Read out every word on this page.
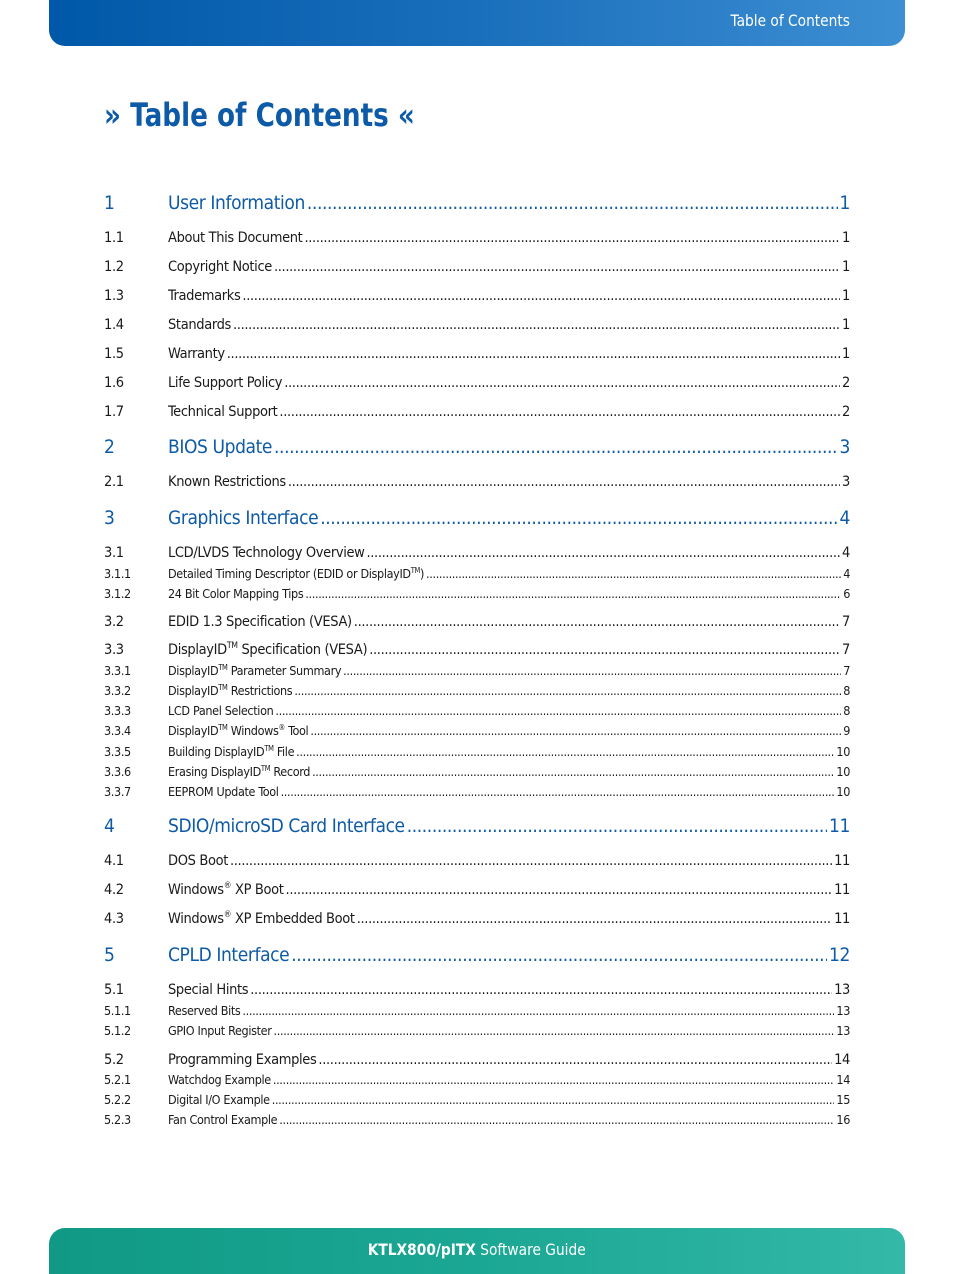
Table of Contents
» Table of Contents «
1	User Information .....	1
1.1	About This Document .....	1
1.2	Copyright Notice .....	1
1.3	Trademarks .....	1
1.4	Standards .....	1
1.5	Warranty .....	1
1.6	Life Support Policy .....	2
1.7	Technical Support .....	2
2	BIOS Update .....	3
2.1	Known Restrictions .....	3
3	Graphics Interface .....	4
3.1	LCD/LVDS Technology Overview .....	4
3.1.1	Detailed Timing Descriptor (EDID or DisplayID™) .....	4
3.1.2	24 Bit Color Mapping Tips .....	6
3.2	EDID 1.3 Specification (VESA) .....	7
3.3	DisplayID™ Specification (VESA) .....	7
3.3.1	DisplayID™ Parameter Summary .....	7
3.3.2	DisplayID™ Restrictions .....	8
3.3.3	LCD Panel Selection .....	8
3.3.4	DisplayID™ Windows® Tool .....	9
3.3.5	Building DisplayID™ File .....	10
3.3.6	Erasing DisplayID™ Record .....	10
3.3.7	EEPROM Update Tool .....	10
4	SDIO/microSD Card Interface .....	11
4.1	DOS Boot .....	11
4.2	Windows® XP Boot .....	11
4.3	Windows® XP Embedded Boot .....	11
5	CPLD Interface .....	12
5.1	Special Hints .....	13
5.1.1	Reserved Bits .....	13
5.1.2	GPIO Input Register .....	13
5.2	Programming Examples .....	14
5.2.1	Watchdog Example .....	14
5.2.2	Digital I/O Example .....	15
5.2.3	Fan Control Example .....	16
KTLX800/pITX Software Guide
